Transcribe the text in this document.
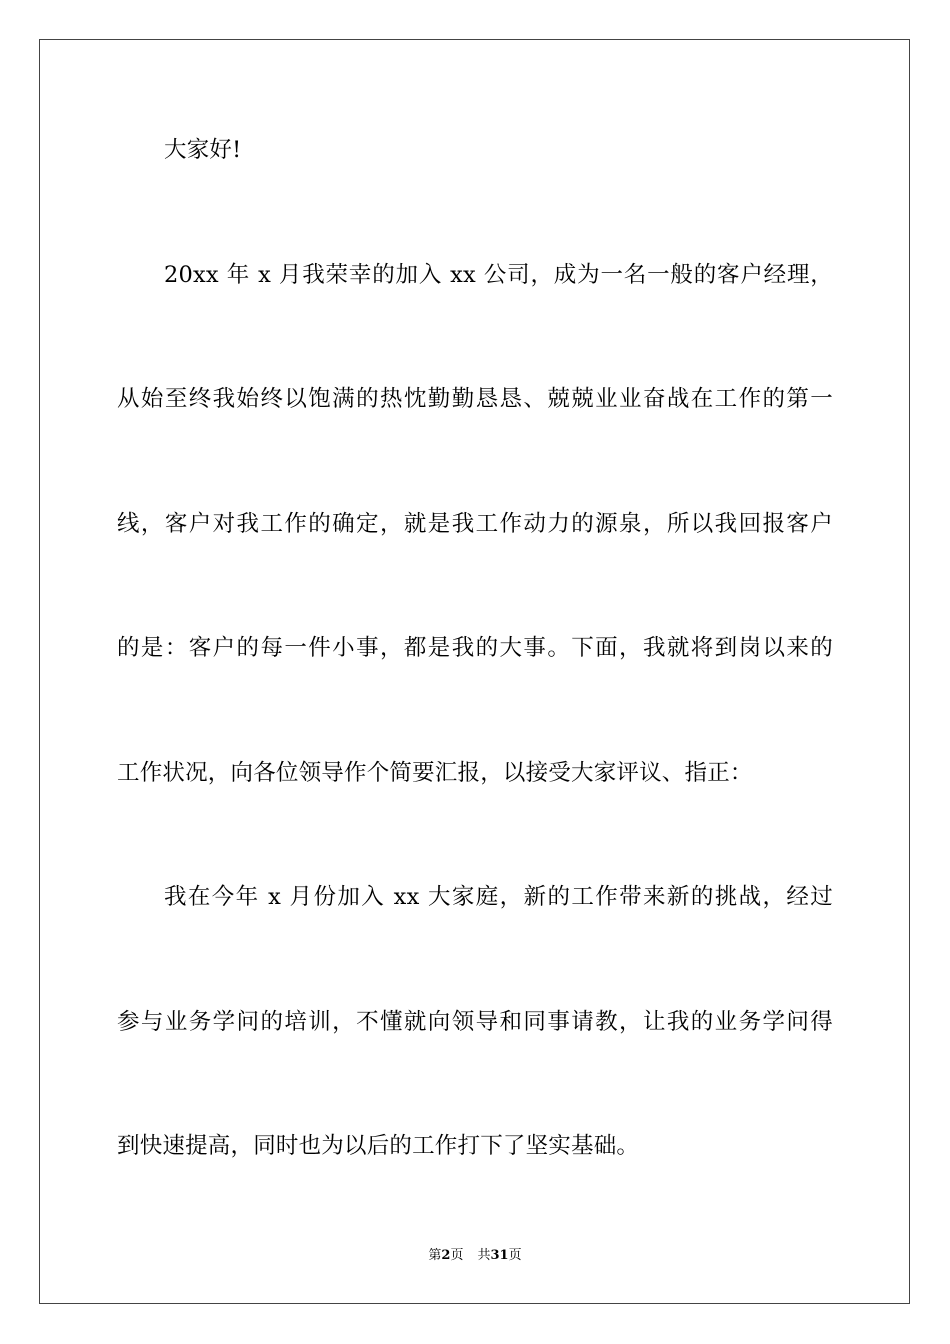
大家好!
20xx 年 x 月我荣幸的加入 xx 公司，成为一名一般的客户经理，
从始至终我始终以饱满的热忱勤勤恳恳、兢兢业业奋战在工作的第一
线，客户对我工作的确定，就是我工作动力的源泉，所以我回报客户
的是：客户的每一件小事，都是我的大事。下面，我就将到岗以来的
工作状况，向各位领导作个简要汇报，以接受大家评议、指正：
我在今年 x 月份加入 xx 大家庭，新的工作带来新的挑战，经过
参与业务学问的培训，不懂就向领导和同事请教，让我的业务学问得
到快速提高，同时也为以后的工作打下了坚实基础。
第2页 共31页
